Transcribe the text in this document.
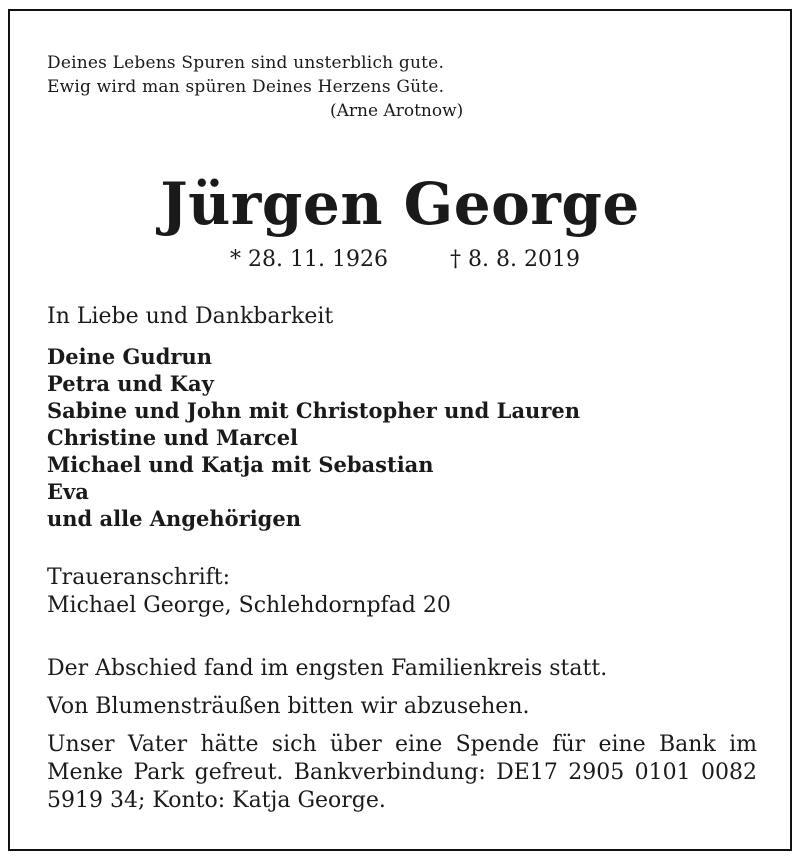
Deines Lebens Spuren sind unsterblich gute.
Ewig wird man spüren Deines Herzens Güte.
(Arne Arotnow)
Jürgen George
* 28. 11. 1926	† 8. 8. 2019
In Liebe und Dankbarkeit
Deine Gudrun
Petra und Kay
Sabine und John mit Christopher und Lauren
Christine und Marcel
Michael und Katja mit Sebastian
Eva
und alle Angehörigen
Traueranschrift:
Michael George, Schlehdornpfad 20
Der Abschied fand im engsten Familienkreis statt.
Von Blumensträußen bitten wir abzusehen.
Unser Vater hätte sich über eine Spende für eine Bank im Menke Park gefreut. Bankverbindung: DE17 2905 0101 0082 5919 34; Konto: Katja George.
